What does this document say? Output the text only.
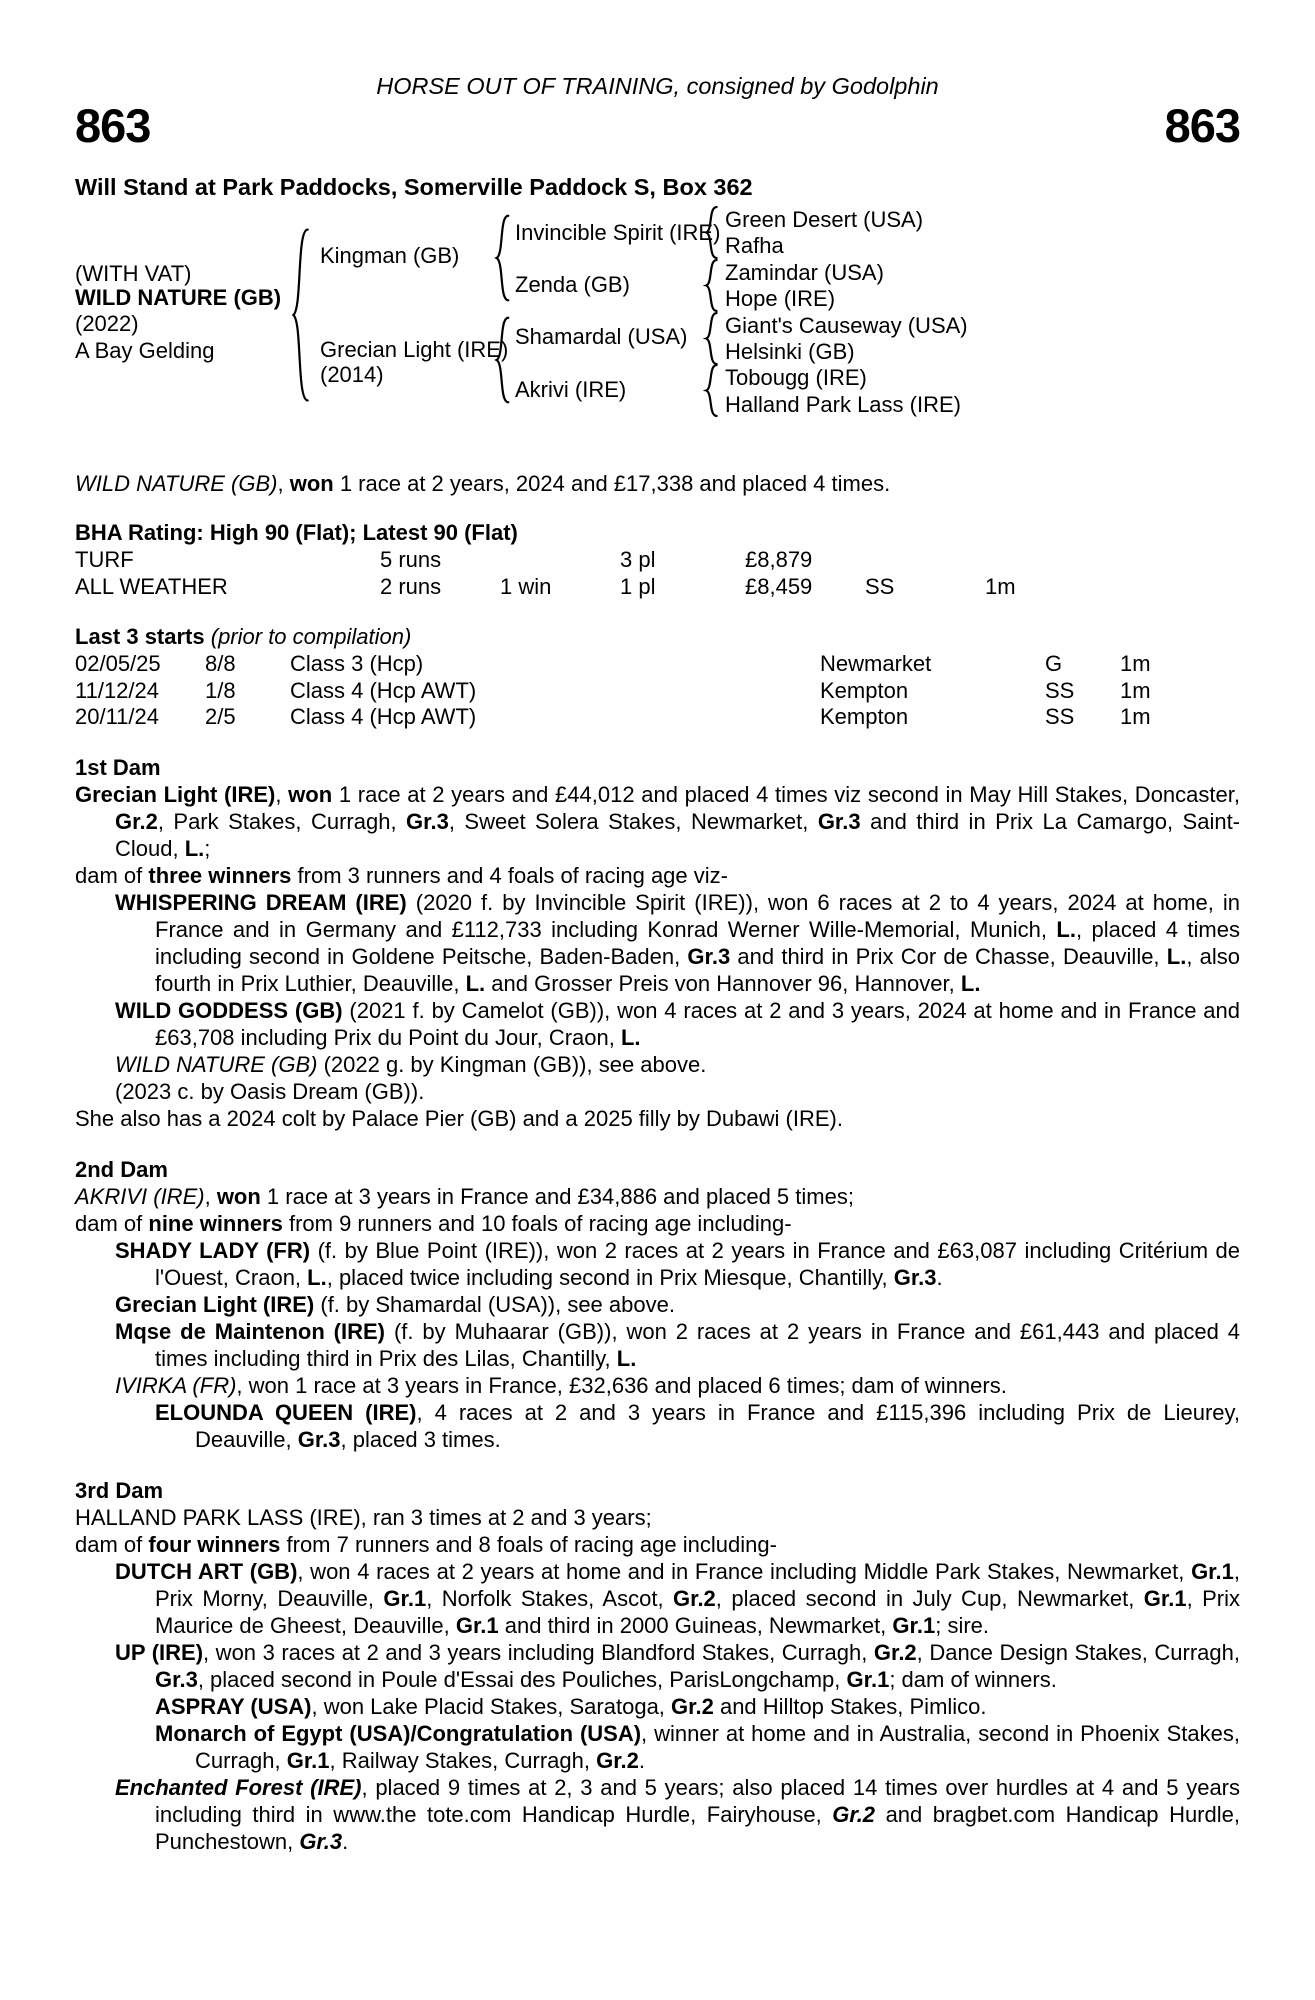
HORSE OUT OF TRAINING, consigned by Godolphin
863	863
Will Stand at Park Paddocks, Somerville Paddock S, Box 362
(WITH VAT)
WILD NATURE (GB)
(2022)
A Bay Gelding
Kingman (GB)
Grecian Light (IRE)
(2014)
Invincible Spirit (IRE)
Zenda (GB)
Shamardal (USA)
Akrivi (IRE)
Green Desert (USA)
Rafha
Zamindar (USA)
Hope (IRE)
Giant's Causeway (USA)
Helsinki (GB)
Tobougg (IRE)
Halland Park Lass (IRE)
WILD NATURE (GB), won 1 race at 2 years, 2024 and £17,338 and placed 4 times.
BHA Rating: High 90 (Flat); Latest 90 (Flat)
TURF	5 runs	3 pl	£8,879
ALL WEATHER	2 runs	1 win	1 pl	£8,459 SS	1m
Last 3 starts (prior to compilation)
02/05/25 8/8 Class 3 (Hcp)	Newmarket	G	1m
11/12/24 1/8 Class 4 (Hcp AWT)	Kempton	SS 1m
20/11/24 2/5 Class 4 (Hcp AWT)	Kempton	SS 1m
1st Dam
Grecian Light (IRE), won 1 race at 2 years and £44,012 and placed 4 times viz second in May Hill Stakes, Doncaster, Gr.2, Park Stakes, Curragh, Gr.3, Sweet Solera Stakes, Newmarket, Gr.3 and third in Prix La Camargo, Saint-Cloud, L.;
dam of three winners from 3 runners and 4 foals of racing age viz-
WHISPERING DREAM (IRE) (2020 f. by Invincible Spirit (IRE)), won 6 races at 2 to 4 years, 2024 at home, in France and in Germany and £112,733 including Konrad Werner Wille-Memorial, Munich, L., placed 4 times including second in Goldene Peitsche, Baden-Baden, Gr.3 and third in Prix Cor de Chasse, Deauville, L., also fourth in Prix Luthier, Deauville, L. and Grosser Preis von Hannover 96, Hannover, L.
WILD GODDESS (GB) (2021 f. by Camelot (GB)), won 4 races at 2 and 3 years, 2024 at home and in France and £63,708 including Prix du Point du Jour, Craon, L.
WILD NATURE (GB) (2022 g. by Kingman (GB)), see above.
(2023 c. by Oasis Dream (GB)).
She also has a 2024 colt by Palace Pier (GB) and a 2025 filly by Dubawi (IRE).
2nd Dam
AKRIVI (IRE), won 1 race at 3 years in France and £34,886 and placed 5 times;
dam of nine winners from 9 runners and 10 foals of racing age including-
SHADY LADY (FR) (f. by Blue Point (IRE)), won 2 races at 2 years in France and £63,087 including Critérium de l'Ouest, Craon, L., placed twice including second in Prix Miesque, Chantilly, Gr.3.
Grecian Light (IRE) (f. by Shamardal (USA)), see above.
Mqse de Maintenon (IRE) (f. by Muhaarar (GB)), won 2 races at 2 years in France and £61,443 and placed 4 times including third in Prix des Lilas, Chantilly, L.
IVIRKA (FR), won 1 race at 3 years in France, £32,636 and placed 6 times; dam of winners.
ELOUNDA QUEEN (IRE), 4 races at 2 and 3 years in France and £115,396 including Prix de Lieurey, Deauville, Gr.3, placed 3 times.
3rd Dam
HALLAND PARK LASS (IRE), ran 3 times at 2 and 3 years;
dam of four winners from 7 runners and 8 foals of racing age including-
DUTCH ART (GB), won 4 races at 2 years at home and in France including Middle Park Stakes, Newmarket, Gr.1, Prix Morny, Deauville, Gr.1, Norfolk Stakes, Ascot, Gr.2, placed second in July Cup, Newmarket, Gr.1, Prix Maurice de Gheest, Deauville, Gr.1 and third in 2000 Guineas, Newmarket, Gr.1; sire.
UP (IRE), won 3 races at 2 and 3 years including Blandford Stakes, Curragh, Gr.2, Dance Design Stakes, Curragh, Gr.3, placed second in Poule d'Essai des Pouliches, ParisLongchamp, Gr.1; dam of winners.
ASPRAY (USA), won Lake Placid Stakes, Saratoga, Gr.2 and Hilltop Stakes, Pimlico.
Monarch of Egypt (USA)/Congratulation (USA), winner at home and in Australia, second in Phoenix Stakes, Curragh, Gr.1, Railway Stakes, Curragh, Gr.2.
Enchanted Forest (IRE), placed 9 times at 2, 3 and 5 years; also placed 14 times over hurdles at 4 and 5 years including third in www.the tote.com Handicap Hurdle, Fairyhouse, Gr.2 and bragbet.com Handicap Hurdle, Punchestown, Gr.3.
